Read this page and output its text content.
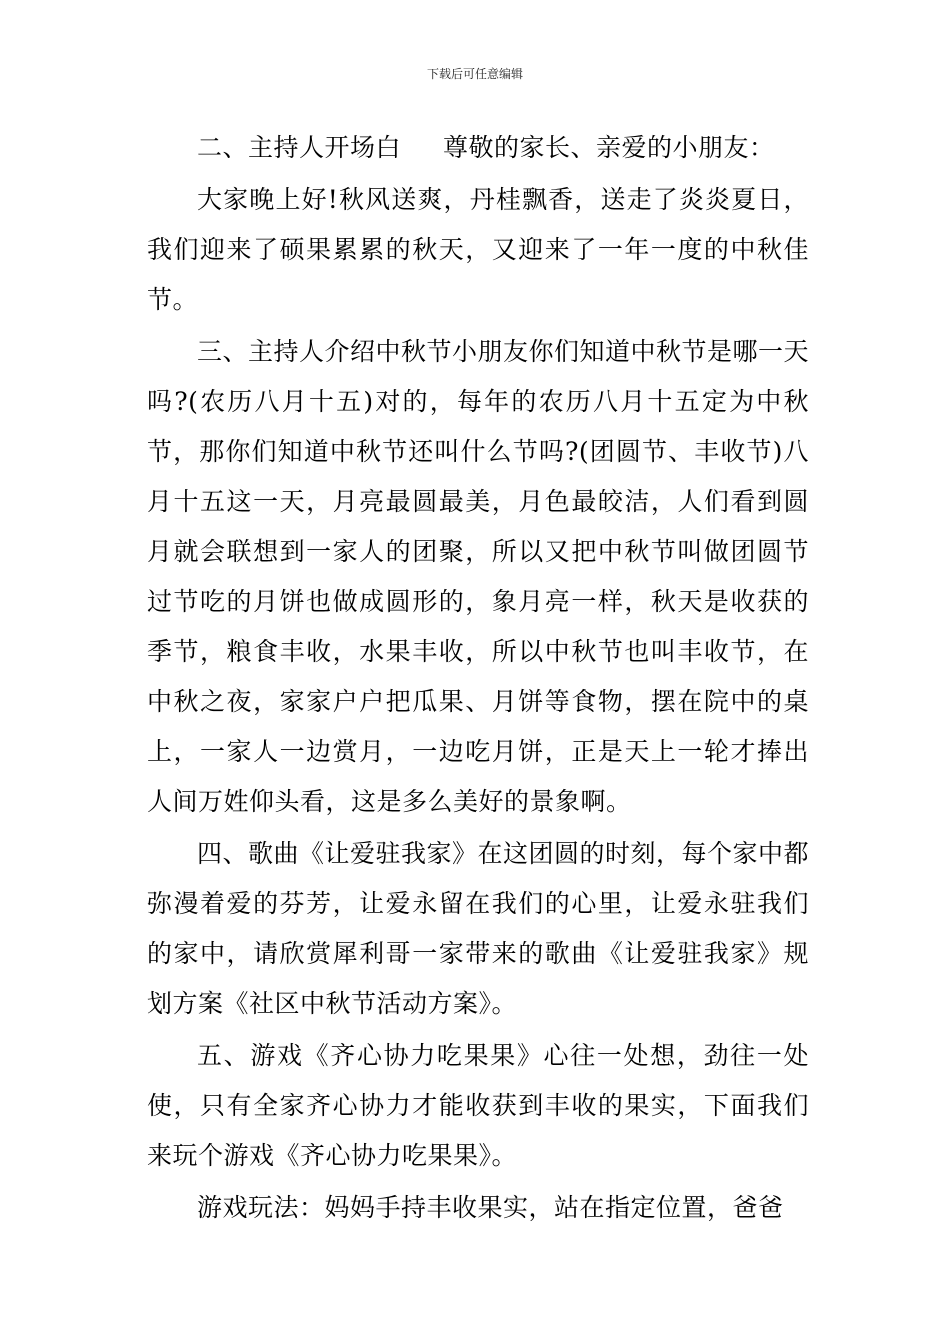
下载后可任意编辑

二、主持人开场白 尊敬的家长、亲爱的小朋友：

大家晚上好!秋风送爽，丹桂飘香，送走了炎炎夏日，我们迎来了硕果累累的秋天，又迎来了一年一度的中秋佳节。

三、主持人介绍中秋节小朋友你们知道中秋节是哪一天吗?(农历八月十五)对的，每年的农历八月十五定为中秋节，那你们知道中秋节还叫什么节吗?(团圆节、丰收节)八月十五这一天，月亮最圆最美，月色最皎洁，人们看到圆月就会联想到一家人的团聚，所以又把中秋节叫做团圆节过节吃的月饼也做成圆形的，象月亮一样，秋天是收获的季节，粮食丰收，水果丰收，所以中秋节也叫丰收节，在中秋之夜，家家户户把瓜果、月饼等食物，摆在院中的桌上，一家人一边赏月，一边吃月饼，正是天上一轮才捧出人间万姓仰头看，这是多么美好的景象啊。

四、歌曲《让爱驻我家》在这团圆的时刻，每个家中都弥漫着爱的芬芳，让爱永留在我们的心里，让爱永驻我们的家中，请欣赏犀利哥一家带来的歌曲《让爱驻我家》规划方案《社区中秋节活动方案》。

五、游戏《齐心协力吃果果》心往一处想，劲往一处使，只有全家齐心协力才能收获到丰收的果实，下面我们来玩个游戏《齐心协力吃果果》。

游戏玩法：妈妈手持丰收果实，站在指定位置，爸爸
